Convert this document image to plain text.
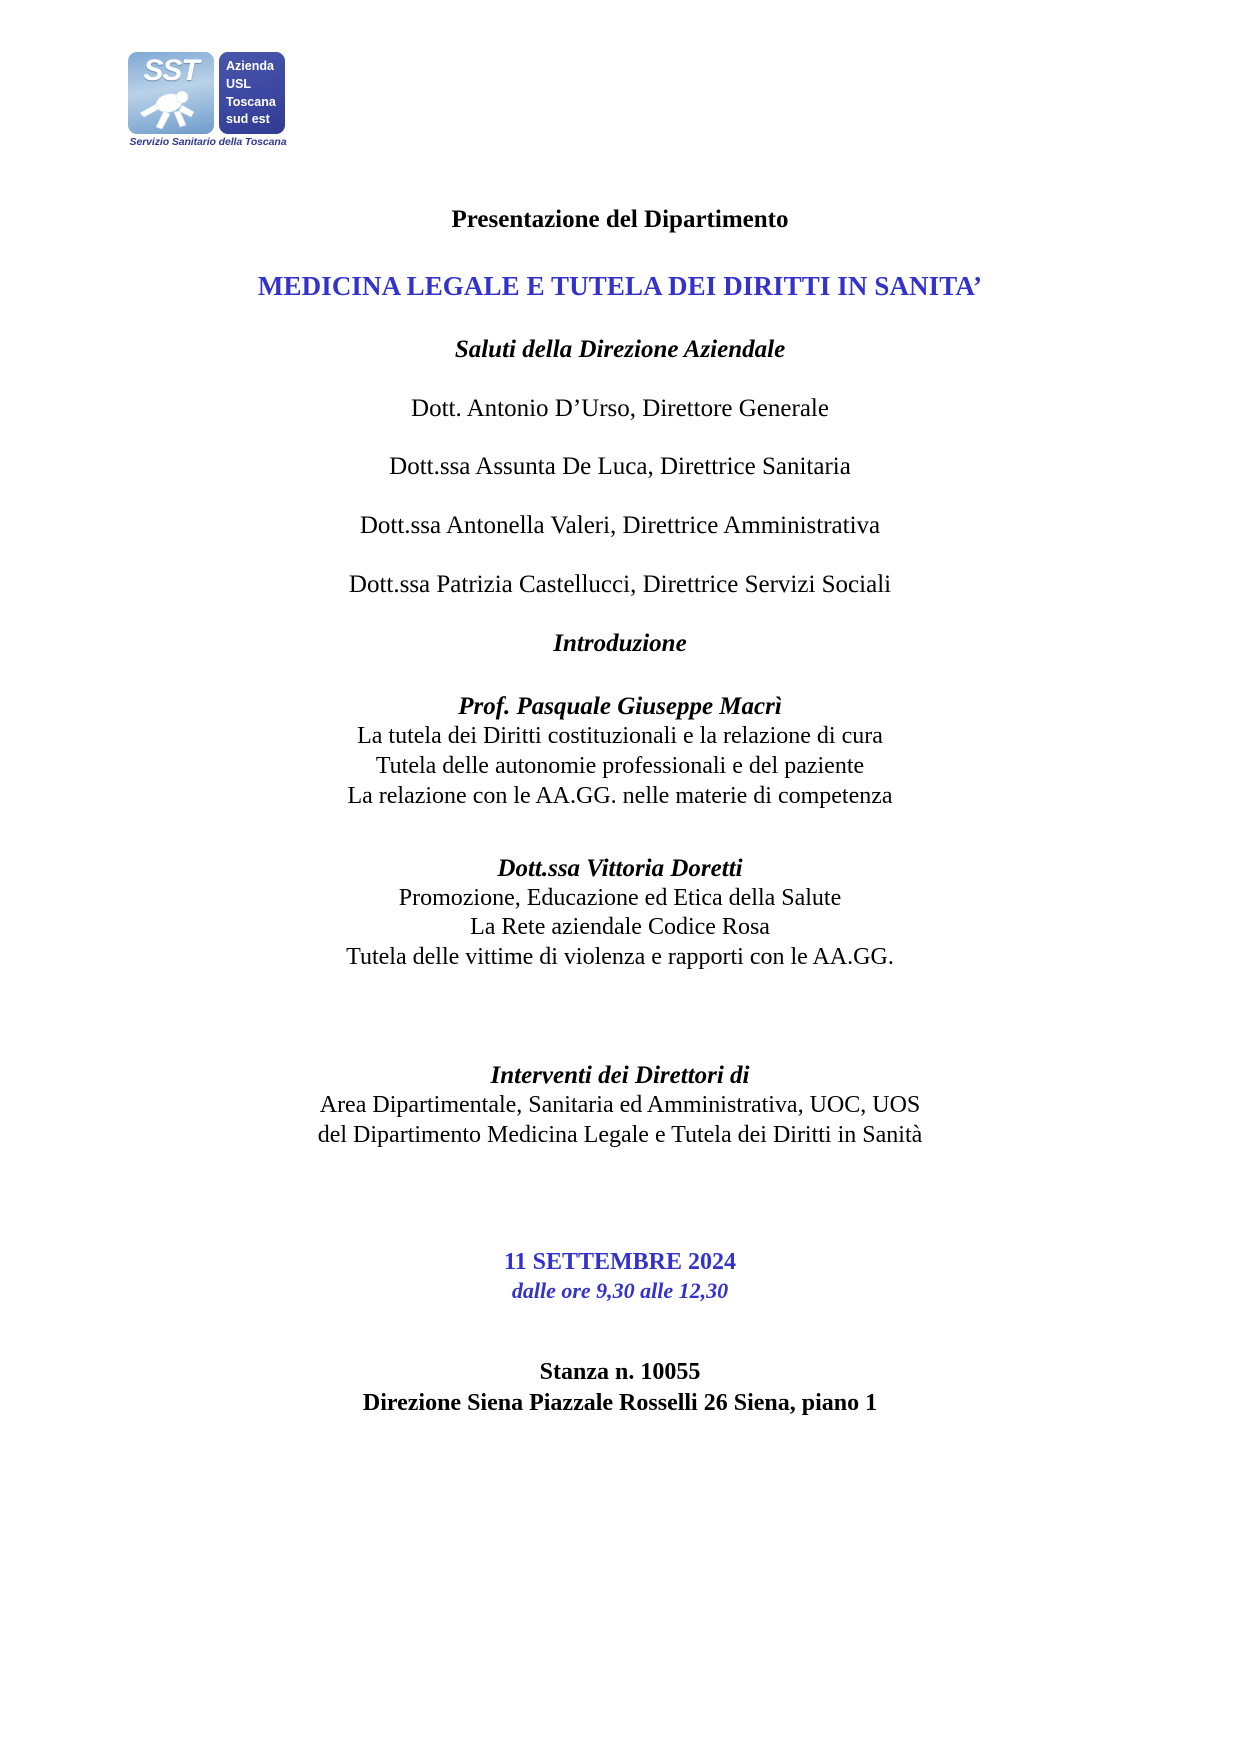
SST	Azienda
USL
Toscana
sud est
Servizio Sanitario della Toscana

Presentazione del Dipartimento

MEDICINA LEGALE E TUTELA DEI DIRITTI IN SANITA’

Saluti della Direzione Aziendale

Dott. Antonio D’Urso, Direttore Generale

Dott.ssa Assunta De Luca, Direttrice Sanitaria

Dott.ssa Antonella Valeri, Direttrice Amministrativa

Dott.ssa Patrizia Castellucci, Direttrice Servizi Sociali

Introduzione

Prof. Pasquale Giuseppe Macrì

La tutela dei Diritti costituzionali e la relazione di cura

Tutela delle autonomie professionali e del paziente

La relazione con le AA.GG. nelle materie di competenza

Dott.ssa Vittoria Doretti

Promozione, Educazione ed Etica della Salute

La Rete aziendale Codice Rosa

Tutela delle vittime di violenza e rapporti con le AA.GG.

Interventi dei Direttori di

Area Dipartimentale, Sanitaria ed Amministrativa, UOC, UOS

del Dipartimento Medicina Legale e Tutela dei Diritti in Sanità

11 SETTEMBRE 2024

dalle ore 9,30 alle 12,30

Stanza n. 10055

Direzione Siena Piazzale Rosselli 26 Siena, piano 1
